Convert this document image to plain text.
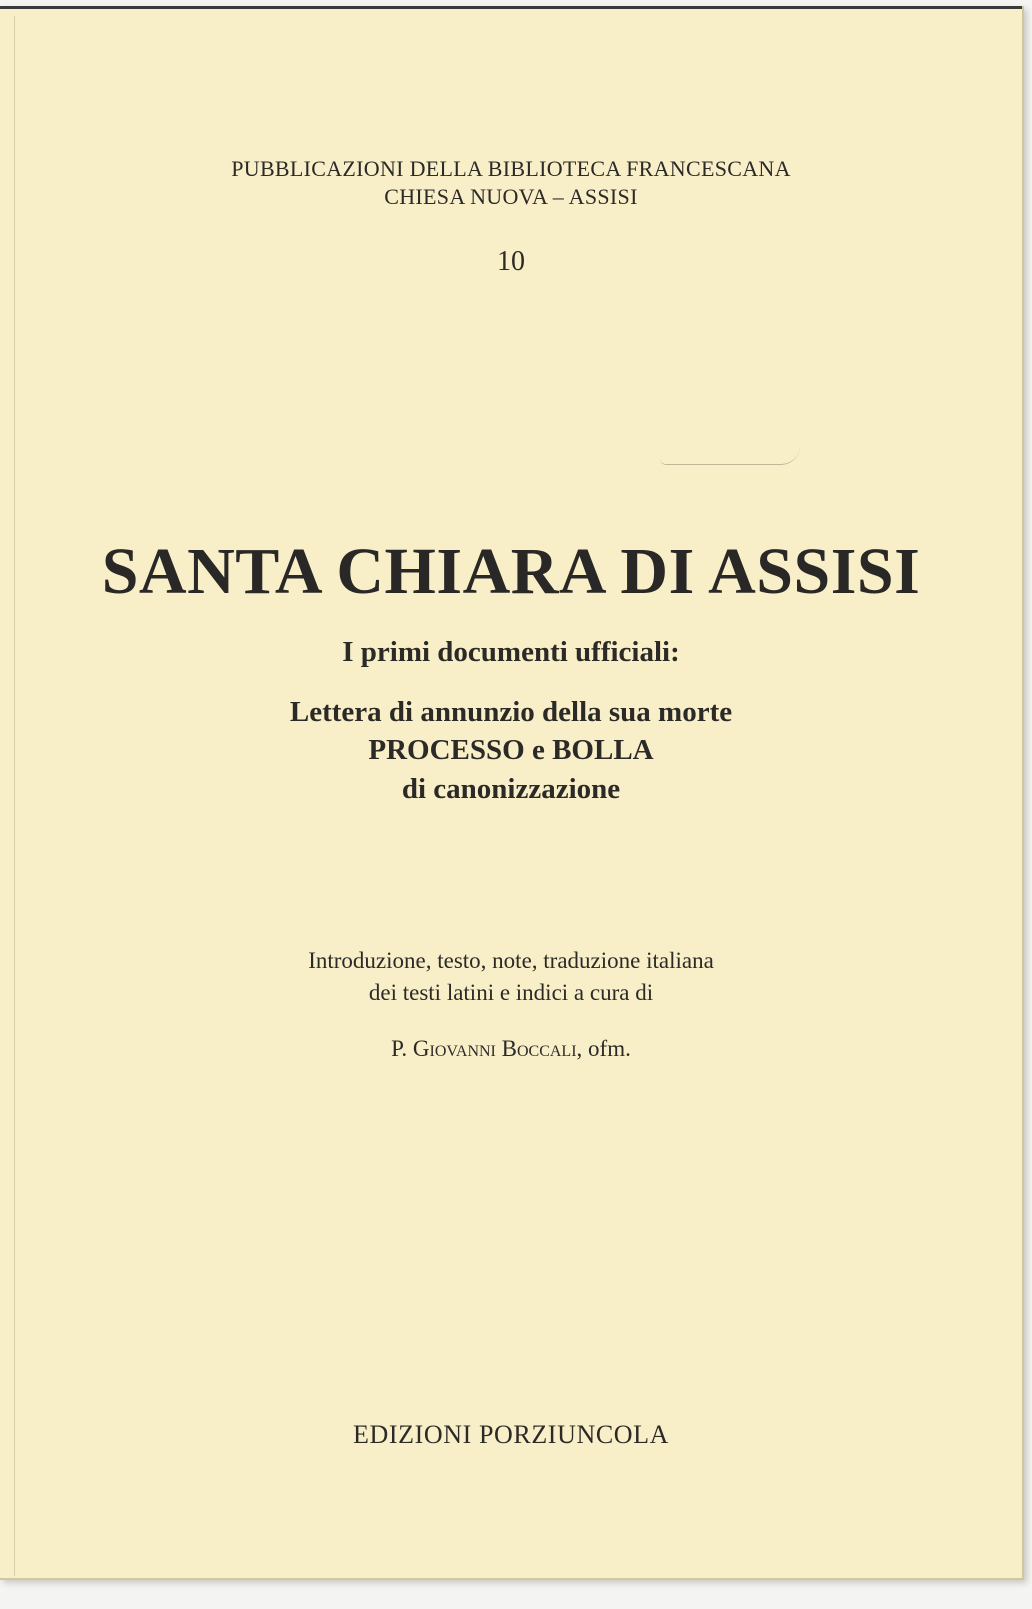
PUBBLICAZIONI DELLA BIBLIOTECA FRANCESCANA
CHIESA NUOVA – ASSISI
10
SANTA CHIARA DI ASSISI
I primi documenti ufficiali:
Lettera di annunzio della sua morte
PROCESSO e BOLLA
di canonizzazione
Introduzione, testo, note, traduzione italiana
dei testi latini e indici a cura di
P. Giovanni Boccali, ofm.
EDIZIONI PORZIUNCOLA
